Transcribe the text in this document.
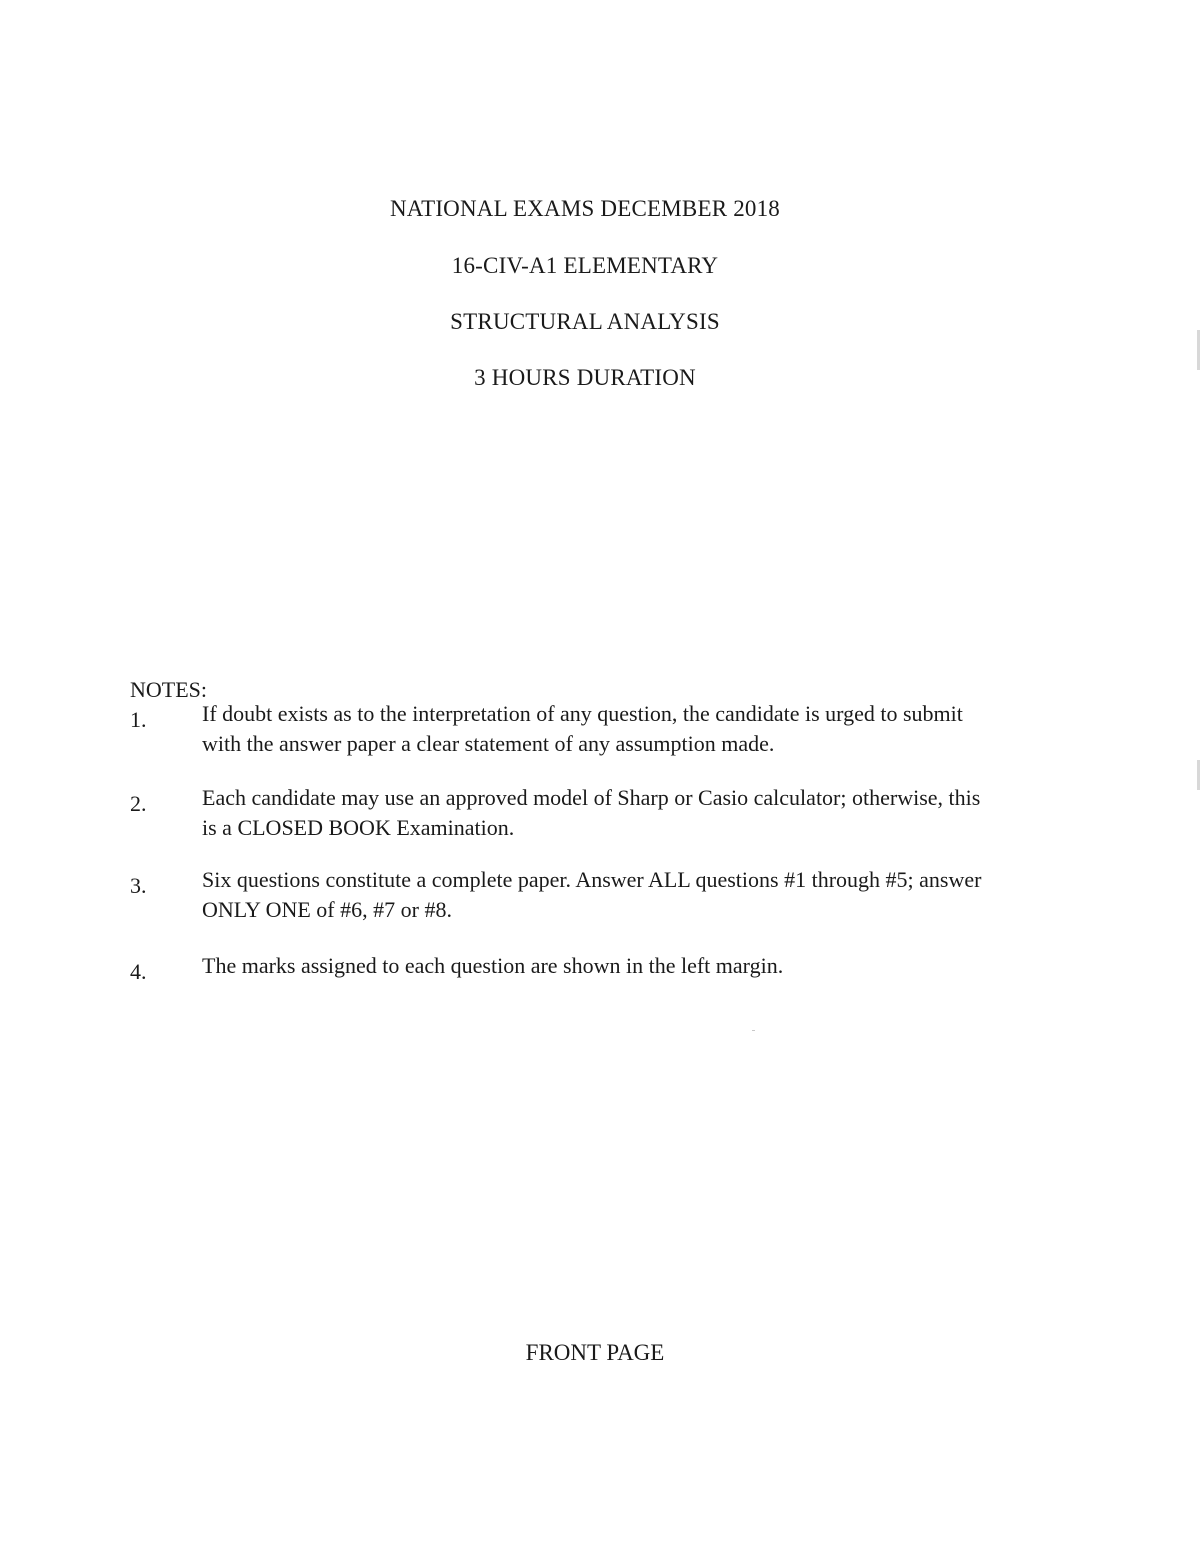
NATIONAL EXAMS DECEMBER 2018
16-CIV-A1 ELEMENTARY
STRUCTURAL ANALYSIS
3 HOURS DURATION
NOTES:
1.	If doubt exists as to the interpretation of any question, the candidate is urged to submit
with the answer paper a clear statement of any assumption made.
2.	Each candidate may use an approved model of Sharp or Casio calculator; otherwise, this
is a CLOSED BOOK Examination.
3.	Six questions constitute a complete paper. Answer ALL questions #1 through #5; answer
ONLY ONE of #6, #7 or #8.
4.	The marks assigned to each question are shown in the left margin.
FRONT PAGE
